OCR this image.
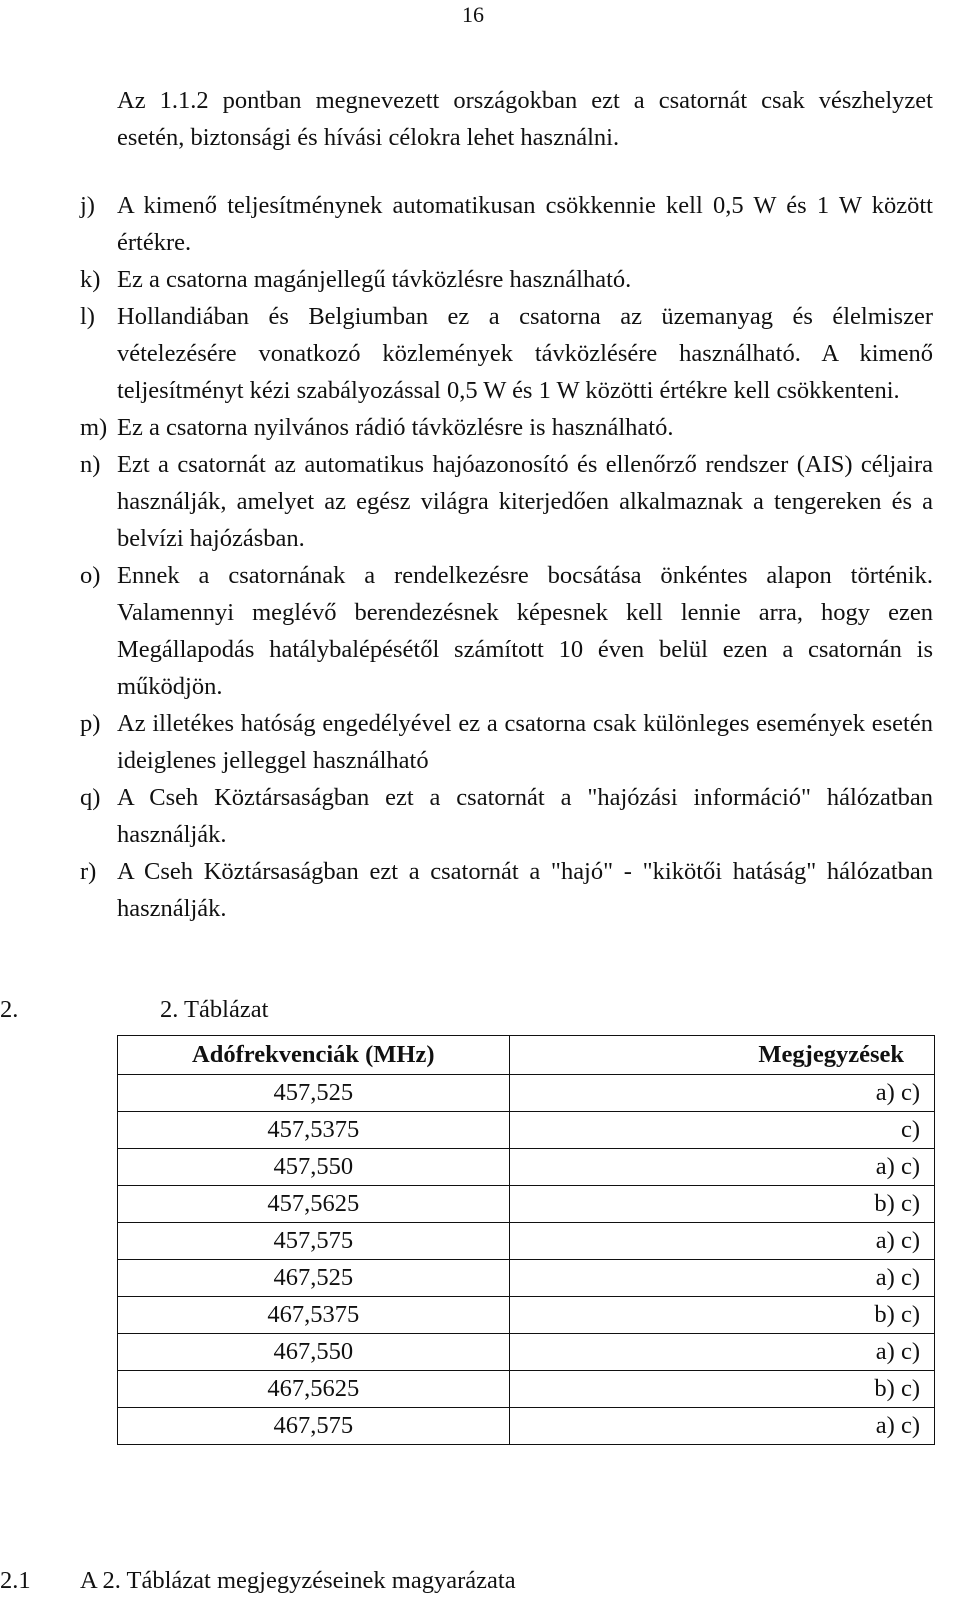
16
Az 1.1.2 pontban megnevezett országokban ezt a csatornát csak vészhelyzet esetén, biztonsági és hívási célokra lehet használni.
j) A kimenő teljesítménynek automatikusan csökkennie kell 0,5 W és 1 W között értékre.
k) Ez a csatorna magánjellegű távközlésre használható.
l) Hollandiában és Belgiumban ez a csatorna az üzemanyag és élelmiszer vételezésére vonatkozó közlemények távközlésére használható. A kimenő teljesítményt kézi szabályozással 0,5 W és 1 W közötti értékre kell csökkenteni.
m) Ez a csatorna nyilvános rádió távközlésre is használható.
n) Ezt a csatornát az automatikus hajóazonosító és ellenőrző rendszer (AIS) céljaira használják, amelyet az egész világra kiterjedően alkalmaznak a tengereken és a belvízi hajózásban.
o) Ennek a csatornának a rendelkezésre bocsátása önkéntes alapon történik. Valamennyi meglévő berendezésnek képesnek kell lennie arra, hogy ezen Megállapodás hatálybalépésétől számított 10 éven belül ezen a csatornán is működjön.
p) Az illetékes hatóság engedélyével ez a csatorna csak különleges események esetén ideiglenes jelleggel használható
q) A Cseh Köztársaságban ezt a csatornát a "hajózási információ" hálózatban használják.
r) A Cseh Köztársaságban ezt a csatornát a "hajó" - "kikötői hatáság" hálózatban használják.
2.	2. Táblázat
Adófrekvenciák (MHz)	Megjegyzések
457,525	a) c)
457,5375	c)
457,550	a) c)
457,5625	b) c)
457,575	a) c)
467,525	a) c)
467,5375	b) c)
467,550	a) c)
467,5625	b) c)
467,575	a) c)
2.1 A 2. Táblázat megjegyzéseinek magyarázata
